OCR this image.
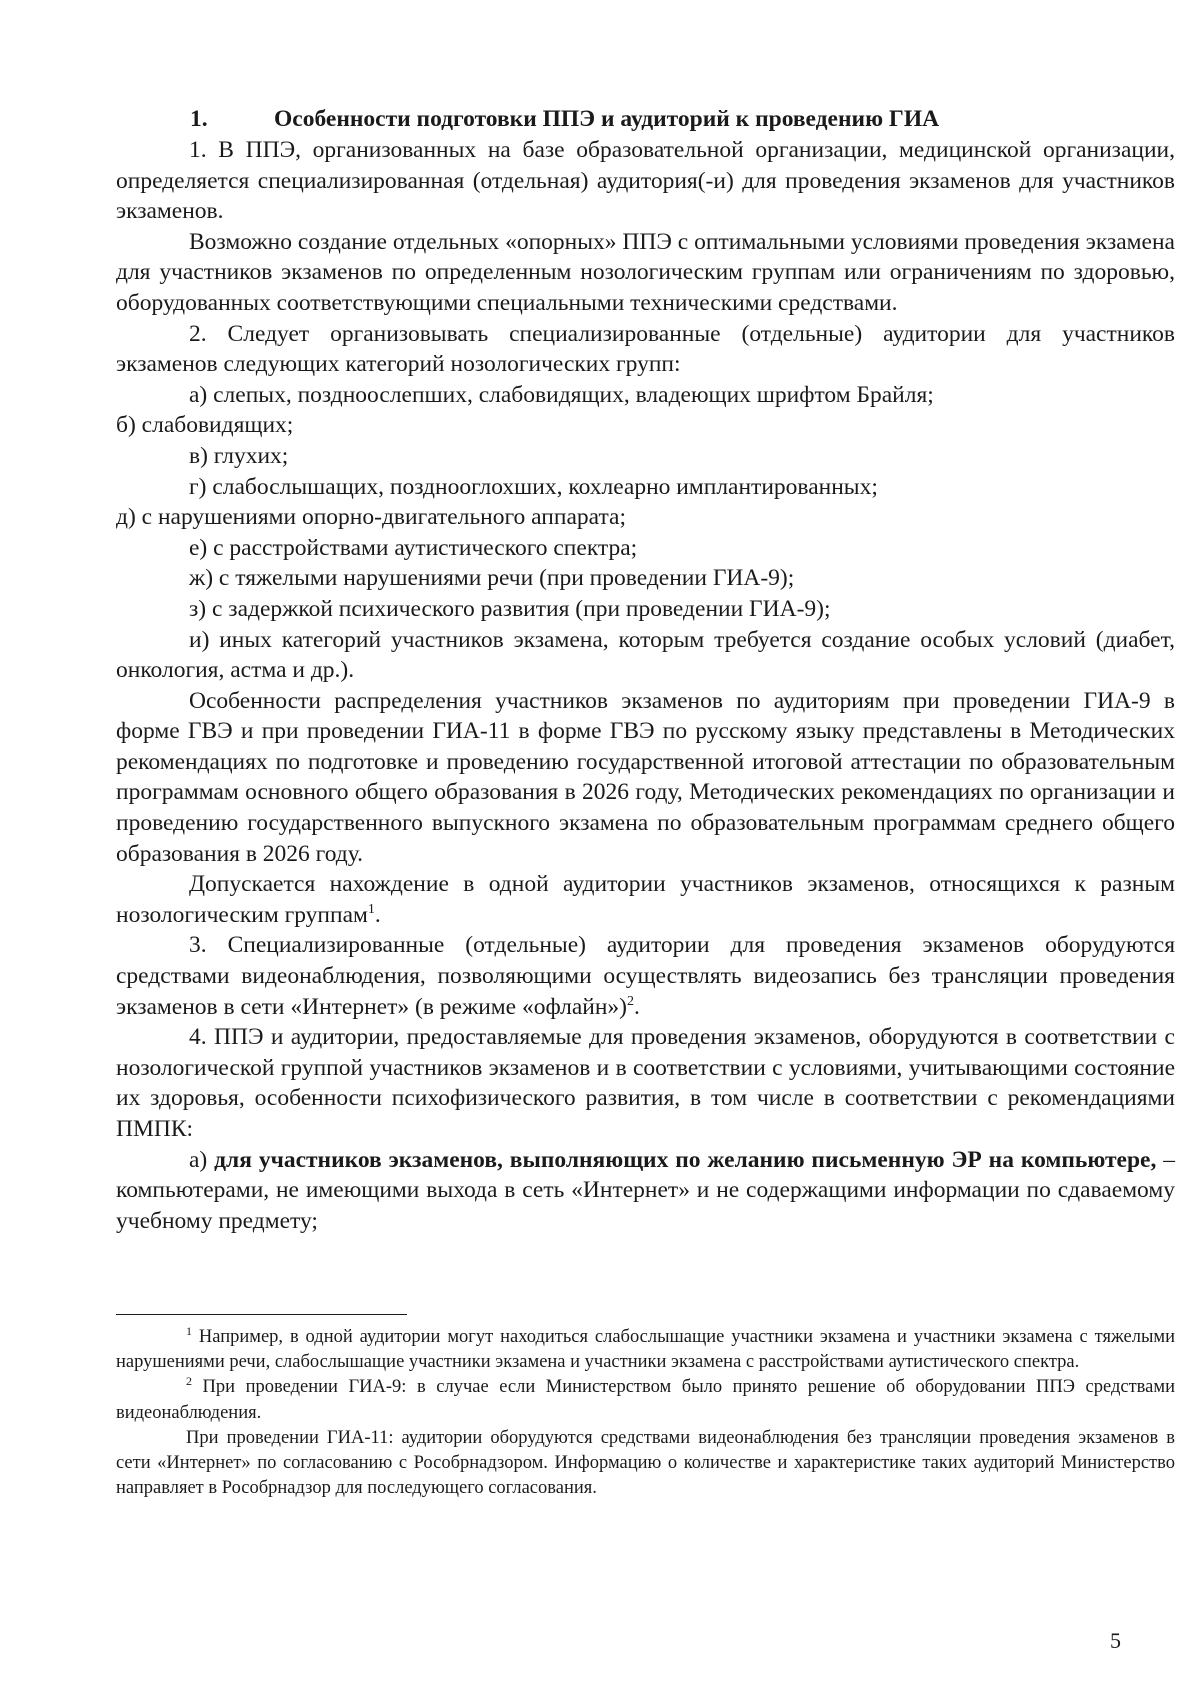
1.	Особенности подготовки ППЭ и аудиторий к проведению ГИА

1. В ППЭ, организованных на базе образовательной организации, медицинской организации, определяется специализированная (отдельная) аудитория(-и) для проведения экзаменов для участников экзаменов.

Возможно создание отдельных «опорных» ППЭ с оптимальными условиями проведения экзамена для участников экзаменов по определенным нозологическим группам или ограничениям по здоровью, оборудованных соответствующими специальными техническими средствами.

2. Следует организовывать специализированные (отдельные) аудитории для участников экзаменов следующих категорий нозологических групп:

а) слепых, поздноослепших, слабовидящих, владеющих шрифтом Брайля;

б) слабовидящих;

в) глухих;

г) слабослышащих, позднооглохших, кохлеарно имплантированных;

д) с нарушениями опорно-двигательного аппарата;

е) с расстройствами аутистического спектра;

ж) с тяжелыми нарушениями речи (при проведении ГИА-9);

з) с задержкой психического развития (при проведении ГИА-9);

и) иных категорий участников экзамена, которым требуется создание особых условий (диабет, онкология, астма и др.).

Особенности распределения участников экзаменов по аудиториям при проведении ГИА-9 в форме ГВЭ и при проведении ГИА-11 в форме ГВЭ по русскому языку представлены в Методических рекомендациях по подготовке и проведению государственной итоговой аттестации по образовательным программам основного общего образования в 2026 году, Методических рекомендациях по организации и проведению государственного выпускного экзамена по образовательным программам среднего общего образования в 2026 году.

Допускается нахождение в одной аудитории участников экзаменов, относящихся к разным нозологическим группам$^1$.

3. Специализированные (отдельные) аудитории для проведения экзаменов оборудуются средствами видеонаблюдения, позволяющими осуществлять видеозапись без трансляции проведения экзаменов в сети «Интернет» (в режиме «офлайн»)$^2$.

4. ППЭ и аудитории, предоставляемые для проведения экзаменов, оборудуются в соответствии с нозологической группой участников экзаменов и в соответствии с условиями, учитывающими состояние их здоровья, особенности психофизического развития, в том числе в соответствии с рекомендациями ПМПК:

а) для участников экзаменов, выполняющих по желанию письменную ЭР на компьютере, – компьютерами, не имеющими выхода в сеть «Интернет» и не содержащими информации по сдаваемому учебному предмету;

$^1$ Например, в одной аудитории могут находиться слабослышащие участники экзамена и участники экзамена с тяжелыми нарушениями речи, слабослышащие участники экзамена и участники экзамена с расстройствами аутистического спектра.

$^2$ При проведении ГИА-9: в случае если Министерством было принято решение об оборудовании ППЭ средствами видеонаблюдения.

При проведении ГИА-11: аудитории оборудуются средствами видеонаблюдения без трансляции проведения экзаменов в сети «Интернет» по согласованию с Рособрнадзором. Информацию о количестве и характеристике таких аудиторий Министерство направляет в Рособрнадзор для последующего согласования.

5
